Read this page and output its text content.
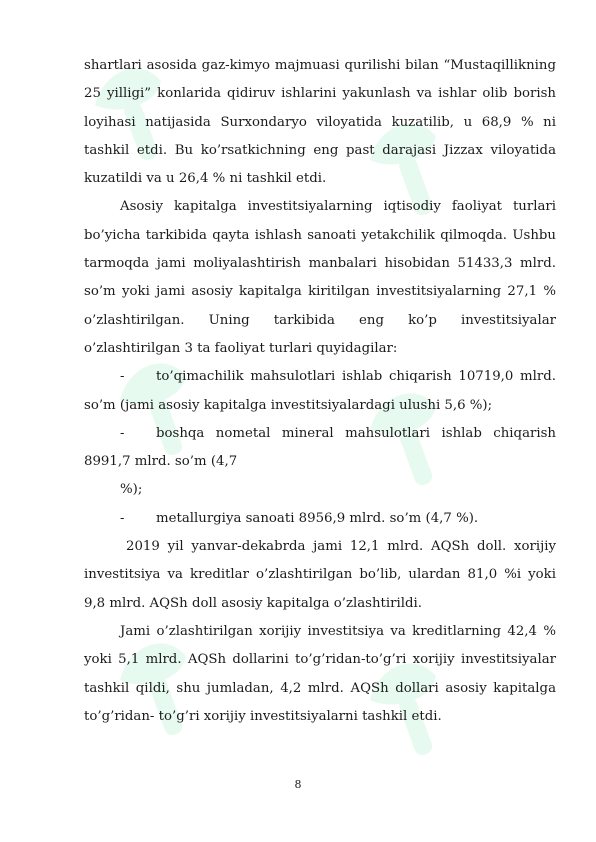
shartlari asosida gaz-kimyo majmuasi qurilishi bilan “Mustaqillikning 25 yilligi” konlarida qidiruv ishlarini yakunlash va ishlar olib borish loyihasi natijasida Surxondaryo viloyatida kuzatilib, u 68,9 % ni tashkil etdi. Bu ko’rsatkichning eng past darajasi Jizzax viloyatida kuzatildi va u 26,4 % ni tashkil etdi.

Asosiy kapitalga investitsiyalarning iqtisodiy faoliyat turlari bo’yicha tarkibida qayta ishlash sanoati yetakchilik qilmoqda. Ushbu tarmoqda jami moliyalashtirish manbalari hisobidan 51433,3 mlrd. so’m yoki jami asosiy kapitalga kiritilgan investitsiyalarning 27,1 % o’zlashtirilgan. Uning tarkibida eng ko’p investitsiyalar o’zlashtirilgan 3 ta faoliyat turlari quyidagilar:

-	to’qimachilik mahsulotlari ishlab chiqarish 10719,0 mlrd.

so’m (jami asosiy kapitalga investitsiyalardagi ulushi 5,6 %);

-	boshqa nometal mineral mahsulotlari ishlab chiqarish

8991,7 mlrd. so’m (4,7

%);

-	metallurgiya sanoati 8956,9 mlrd. so’m (4,7 %).

2019 yil yanvar-dekabrda jami 12,1 mlrd. AQSh doll. xorijiy investitsiya va kreditlar o’zlashtirilgan bo’lib, ulardan 81,0 %i yoki 9,8 mlrd. AQSh doll asosiy kapitalga o’zlashtirildi.

Jami o’zlashtirilgan xorijiy investitsiya va kreditlarning 42,4 % yoki 5,1 mlrd. AQSh dollarini to’g’ridan-to’g’ri xorijiy investitsiyalar tashkil qildi, shu jumladan, 4,2 mlrd. AQSh dollari asosiy kapitalga to’g’ridan- to’g’ri xorijiy investitsiyalarni tashkil etdi.

8
